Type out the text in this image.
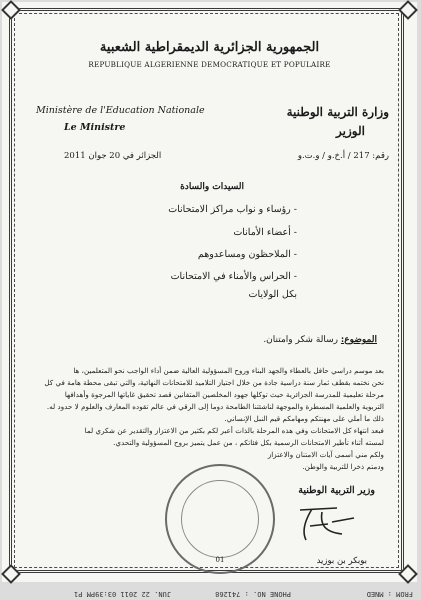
الجمهورية الجزائرية الديمقراطية الشعبية
REPUBLIQUE ALGERIENNE DEMOCRATIQUE ET POPULAIRE
Ministère de l'Education Nationale
Le Ministre
وزارة التربية الوطنية
الوزير
رقم: 217 / أ.خ.و / و.ت.و
الجزائر في 20 جوان 2011
السيدات والسادة
- رؤساء و نواب مراكز الامتحانات
- أعضاء الأمانات
- الملاحظون ومساعدوهم
- الحراس والأمناء في الامتحانات
بكل الولايات
الموضوع: رسالة شكر وامتنان.
بعد موسم دراسي حافل بالعطاء والجهد البناء وروح المسؤولية العالية ضمن أداء الواجب نحو المتعلمين، ها
نحن نختمه بقطف ثمار سنة دراسية جادة من خلال اجتياز التلاميذ للامتحانات النهائية، والتي تبقى محطة هامة في كل
مرحلة تعليمية للمدرسة الجزائرية حيث توكلها جهود المخلصين المتفانين قصد تحقيق غاياتها المرجوة وأهدافها
التربوية والعلمية المسطرة والموجهة لناشئتنا الطامحة دوما إلى الرقي في عالم تقوده المعارف والعلوم لا حدود له.
ذلك ما أملي على مهنتكم ومهامكم قيم النبل الإنساني.
فبعد انتهاء كل الامتحانات وفي هذه المرحلة بالذات أعبر لكم بكثير من الاعتزاز والتقدير عن شكري لما
لمسته أثناء تأطير الامتحانات الرسمية بكل فئاتكم ، من عمل يتميز بروح المسؤولية والتحدي.
ولكم مني أسمى آيات الامتنان والاعتزاز
ودمتم ذخرا للتربية والوطن.
01
وزير التربية الوطنية
بوبكر بن بوزيد
FROM : MNED
PHONE NO. : 741268
JUN. 22 2011 03:39PM P1
